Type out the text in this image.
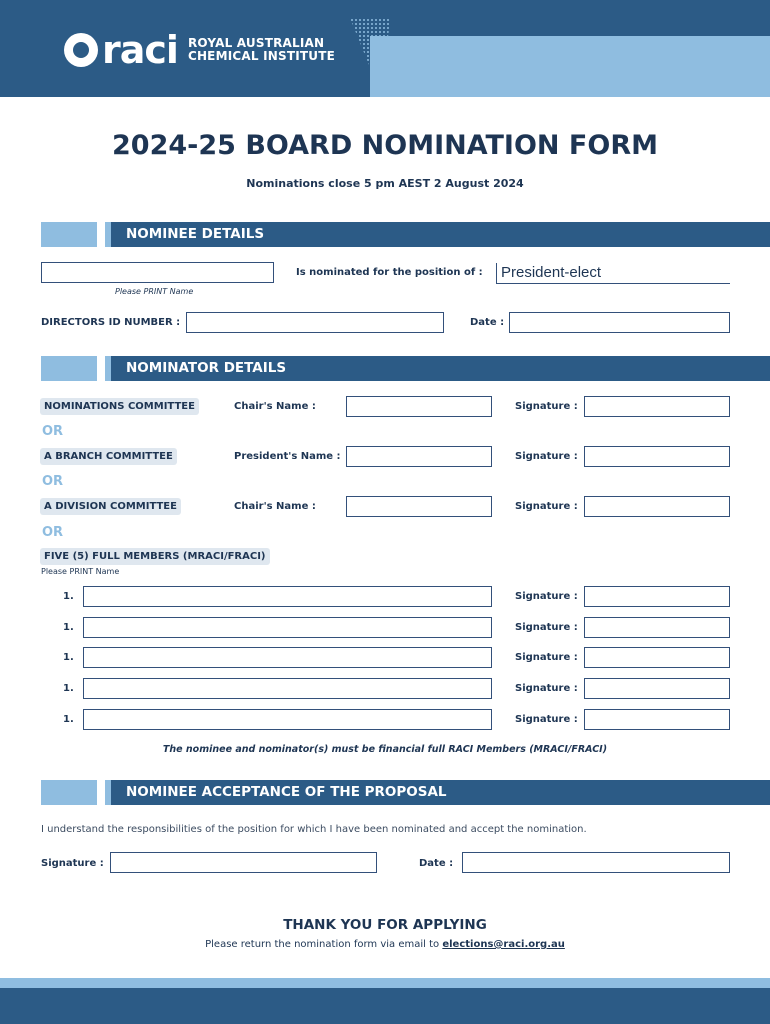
raci ROYAL AUSTRALIAN
CHEMICAL INSTITUTE
2024-25 BOARD NOMINATION FORM
Nominations close 5 pm AEST 2 August 2024
NOMINEE DETAILS
Please PRINT Name
Is nominated for the position of :	President-elect
DIRECTORS ID NUMBER :	Date :
NOMINATOR DETAILS
NOMINATIONS COMMITTEE	Chair's Name :	Signature :
OR
A BRANCH COMMITTEE	President's Name :	Signature :
OR
A DIVISION COMMITTEE	Chair's Name :	Signature :
OR
FIVE (5) FULL MEMBERS (MRACI/FRACI)
Please PRINT Name
1.	Signature :
1.	Signature :
1.	Signature :
1.	Signature :
1.	Signature :
The nominee and nominator(s) must be financial full RACI Members (MRACI/FRACI)
NOMINEE ACCEPTANCE OF THE PROPOSAL
I understand the responsibilities of the position for which I have been nominated and accept the nomination.
Signature :	Date :
THANK YOU FOR APPLYING
Please return the nomination form via email to elections@raci.org.au
